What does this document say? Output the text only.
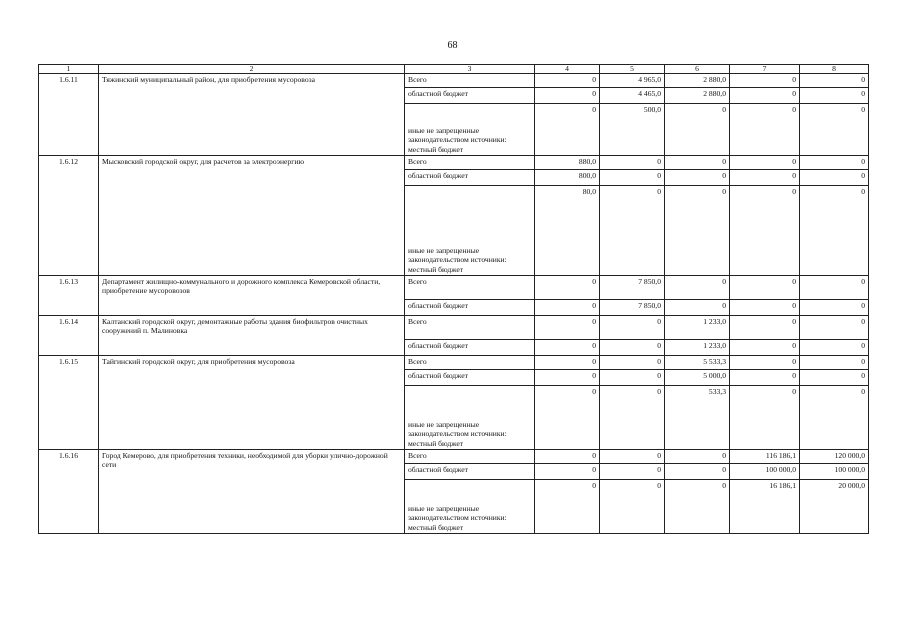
68
1	2	3	4	5	6	7	8
1.6.11	Тяжинский муниципальный район, для приобретения мусоровоза	Всего	0	4 965,0	2 880,0	0	0
		областной бюджет	0	4 465,0	2 880,0	0	0
		иные не запрещенные законодательством источники: местный бюджет	0	500,0	0	0	0
1.6.12	Мысковский городской округ, для расчетов за электроэнергию	Всего	880,0	0	0	0	0
		областной бюджет	800,0	0	0	0	0
		иные не запрещенные законодательством источники: местный бюджет	80,0	0	0	0	0
1.6.13	Департамент жилищно-коммунального и дорожного комплекса Кемеровской области, приобретение мусоровозов	Всего	0	7 850,0	0	0	0
		областной бюджет	0	7 850,0	0	0	0
1.6.14	Калтанский городской округ, демонтажные работы здания биофильтров очистных сооружений п. Малиновка	Всего	0	0	1 233,0	0	0
		областной бюджет	0	0	1 233,0	0	0
1.6.15	Тайгинский городской округ, для приобретения мусоровоза	Всего	0	0	5 533,3	0	0
		областной бюджет	0	0	5 000,0	0	0
		иные не запрещенные законодательством источники: местный бюджет	0	0	533,3	0	0
1.6.16	Город Кемерово, для приобретения техники, необходимой для уборки улично-дорожной сети	Всего	0	0	0	116 186,1	120 000,0
		областной бюджет	0	0	0	100 000,0	100 000,0
		иные не запрещенные законодательством источники: местный бюджет	0	0	0	16 186,1	20 000,0
